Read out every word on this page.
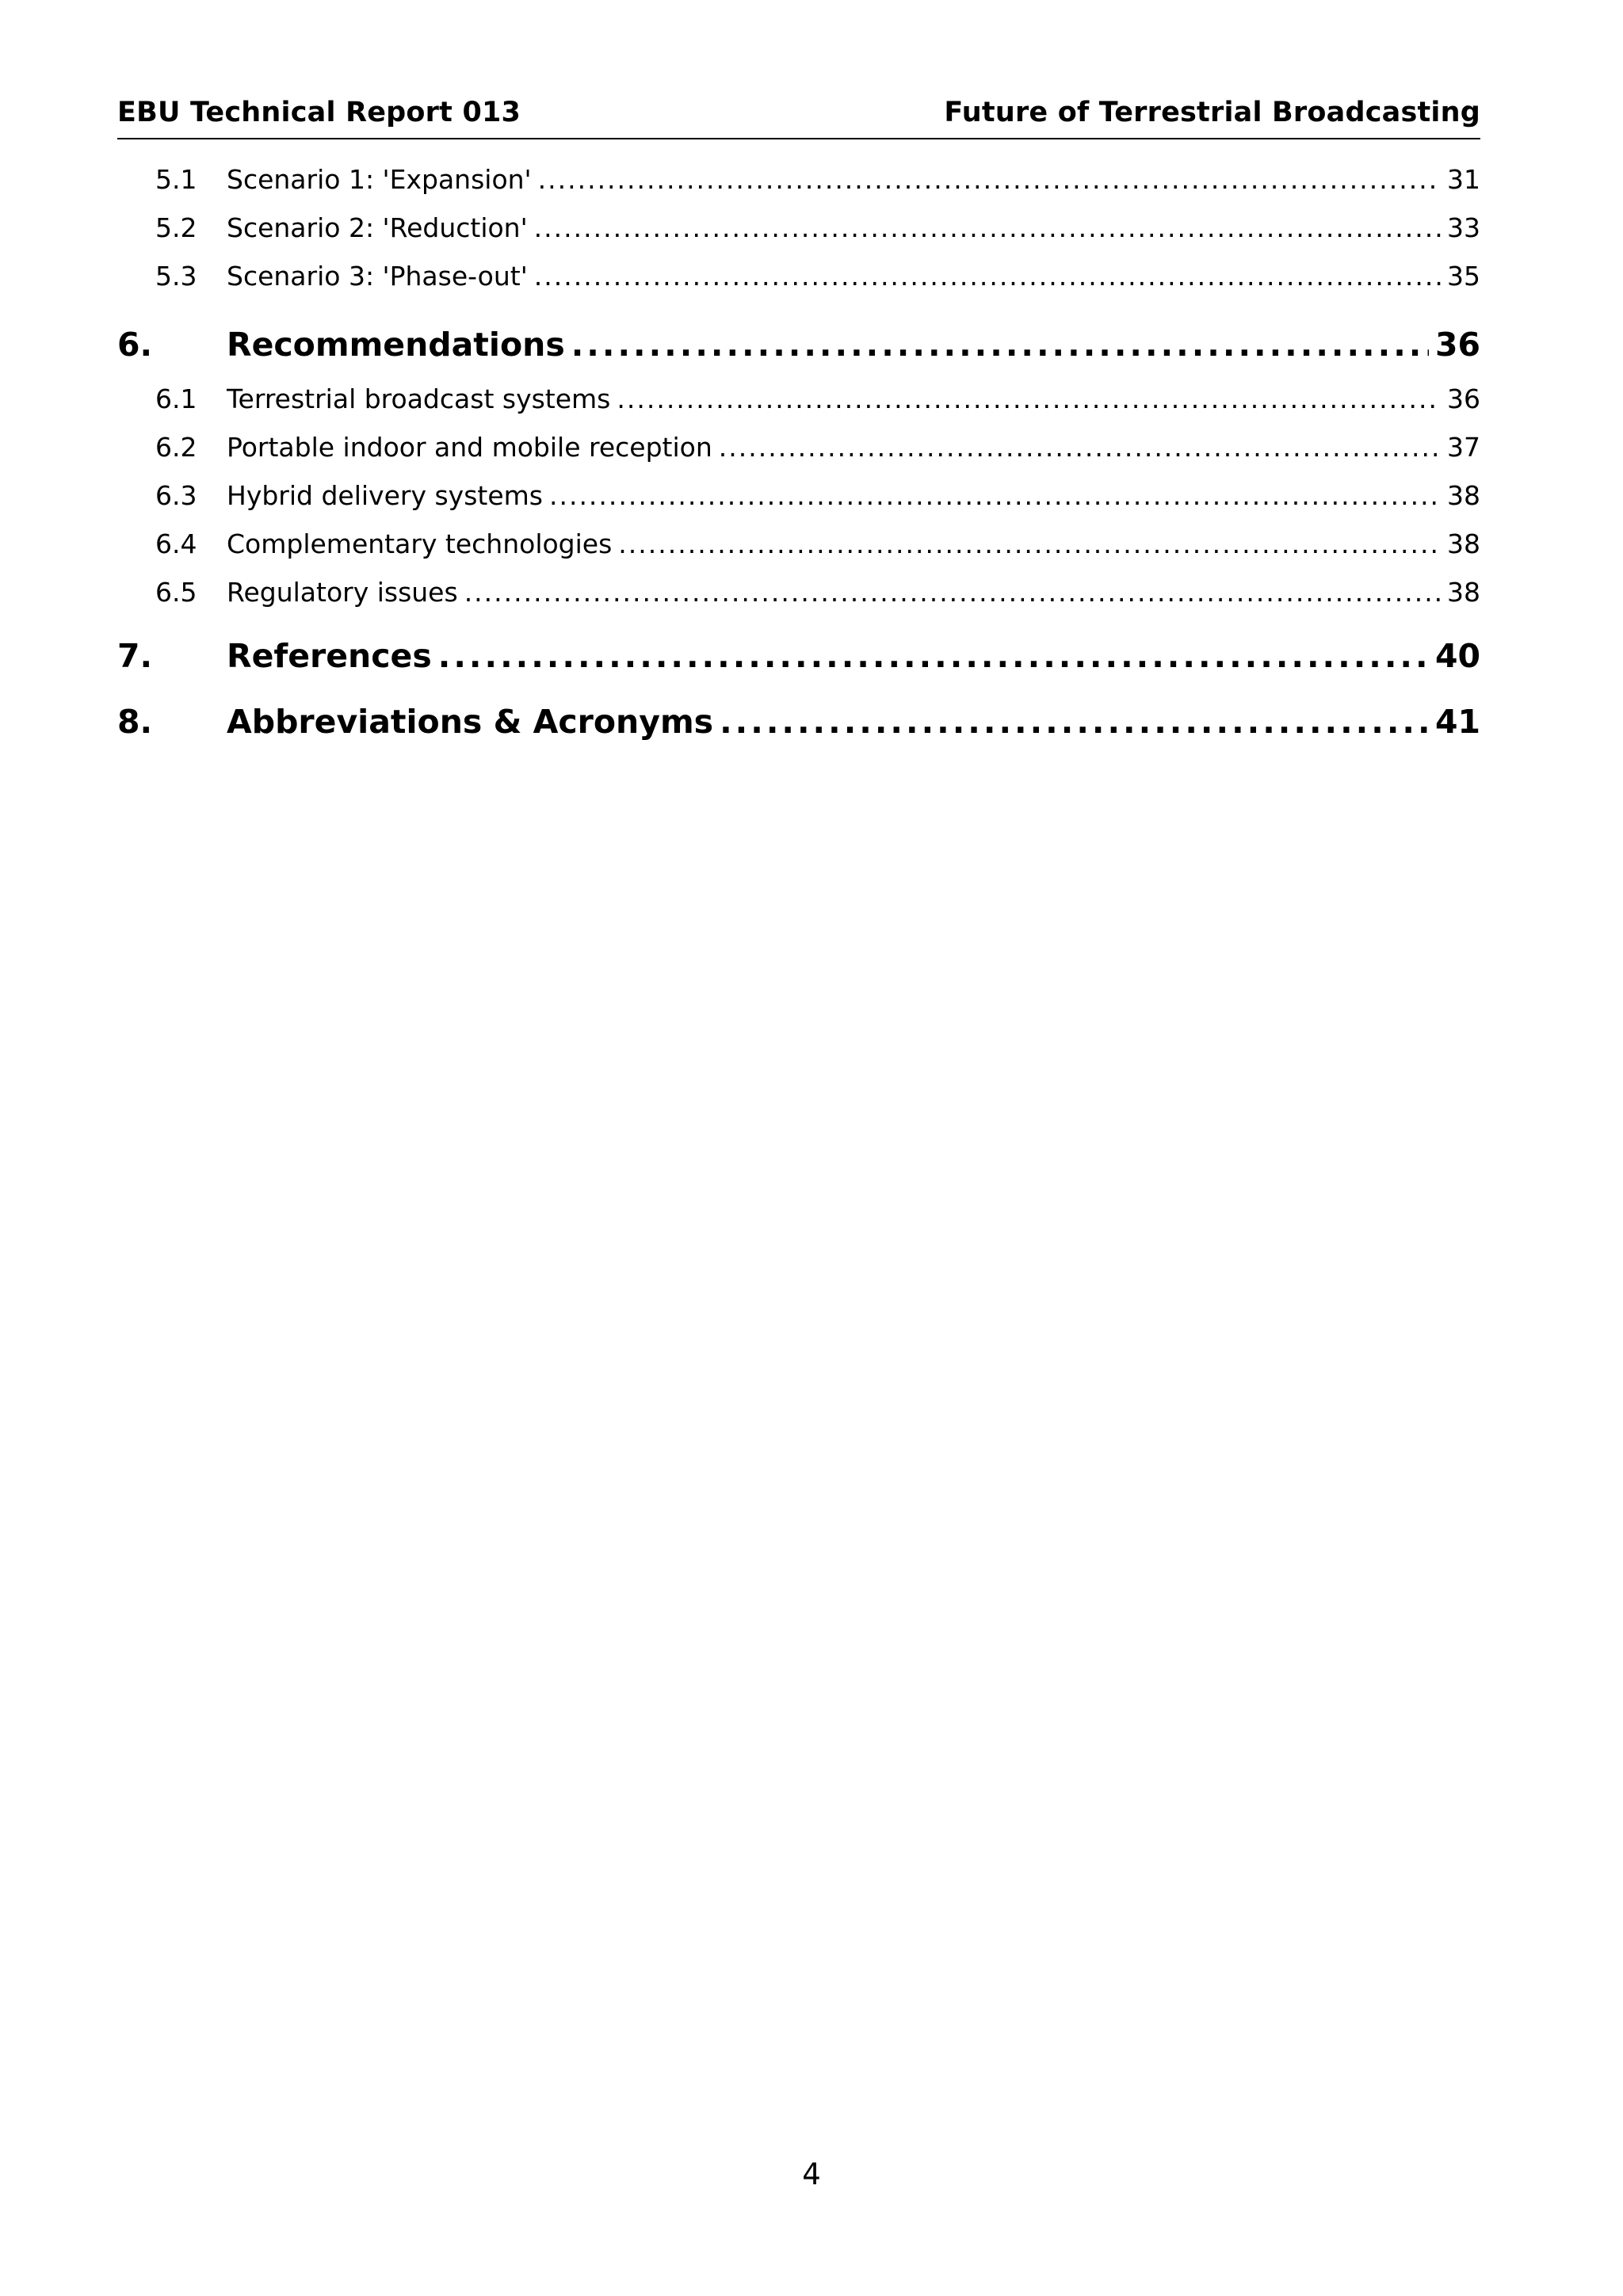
EBU Technical Report 013	Future of Terrestrial Broadcasting
5.1	Scenario 1: 'Expansion' .....	31
5.2	Scenario 2: 'Reduction' .....	33
5.3	Scenario 3: 'Phase-out' .....	35
6.	Recommendations .....	36
6.1	Terrestrial broadcast systems .....	36
6.2	Portable indoor and mobile reception .....	37
6.3	Hybrid delivery systems .....	38
6.4	Complementary technologies .....	38
6.5	Regulatory issues .....	38
7.	References .....	40
8.	Abbreviations & Acronyms .....	41
4
